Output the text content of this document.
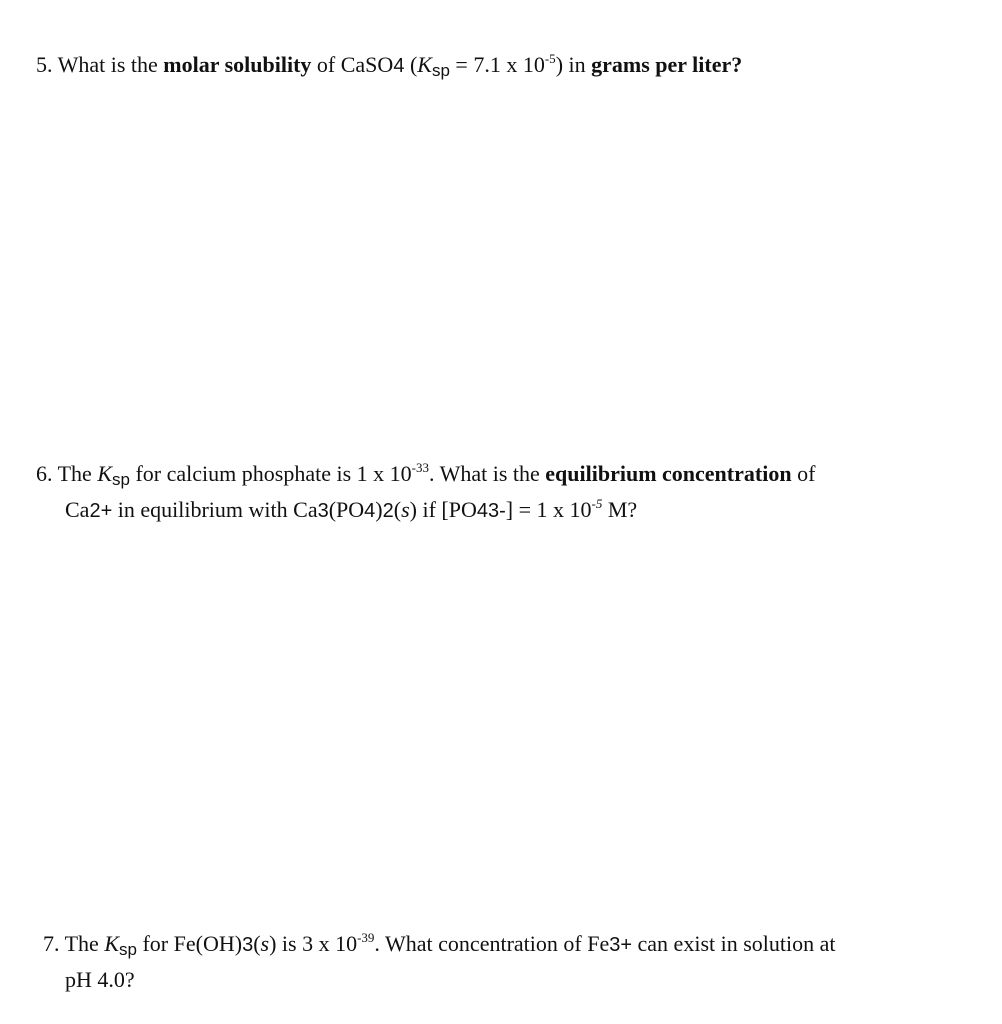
5. What is the molar solubility of CaSO4 (Ksp = 7.1 x $10^{-5}$) in grams per liter?
6. The Ksp for calcium phosphate is 1 x $10^{-33}$. What is the equilibrium concentration of
Ca2+ in equilibrium with Ca3(PO4)2(s) if [PO43-] = 1 x $10^{-5}$ M?
7. The Ksp for Fe(OH)3(s) is 3 x $10^{-39}$. What concentration of Fe3+ can exist in solution at
pH 4.0?
